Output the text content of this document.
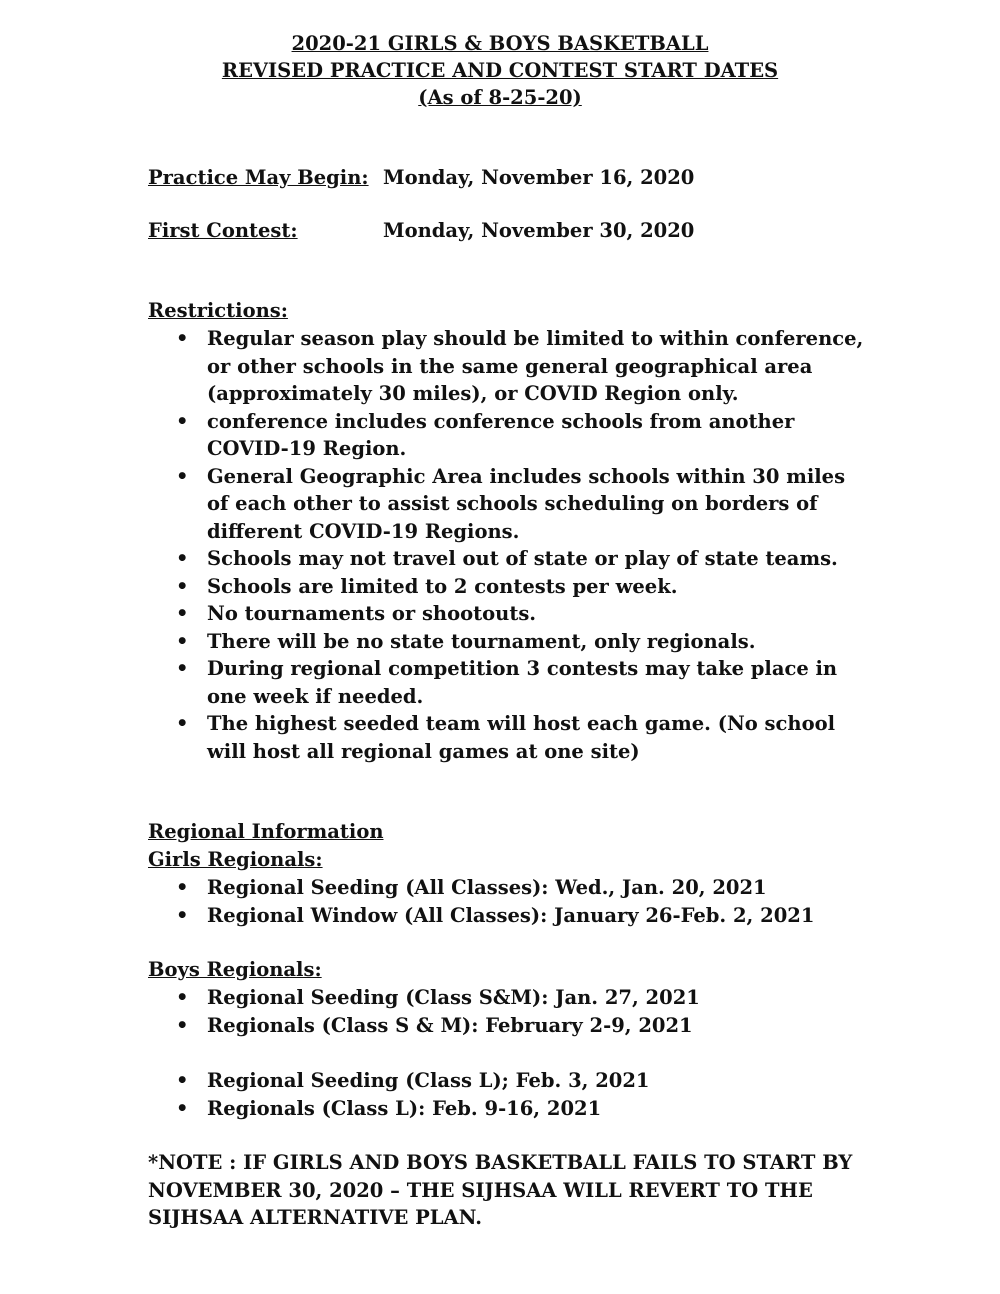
2020-21 GIRLS & BOYS BASKETBALL
REVISED PRACTICE AND CONTEST START DATES
(As of 8-25-20)
Practice May Begin: Monday, November 16, 2020
First Contest:	Monday, November 30, 2020
Restrictions:
• Regular season play should be limited to within conference, or other schools in the same general geographical area (approximately 30 miles), or COVID Region only.
• conference includes conference schools from another COVID-19 Region.
• General Geographic Area includes schools within 30 miles of each other to assist schools scheduling on borders of different COVID-19 Regions.
• Schools may not travel out of state or play of state teams.
• Schools are limited to 2 contests per week.
• No tournaments or shootouts.
• There will be no state tournament, only regionals.
• During regional competition 3 contests may take place in one week if needed.
• The highest seeded team will host each game. (No school will host all regional games at one site)
Regional Information
Girls Regionals:
• Regional Seeding (All Classes): Wed., Jan. 20, 2021
• Regional Window (All Classes): January 26-Feb. 2, 2021
Boys Regionals:
• Regional Seeding (Class S&M): Jan. 27, 2021
• Regionals (Class S & M): February 2-9, 2021
• Regional Seeding (Class L); Feb. 3, 2021
• Regionals (Class L): Feb. 9-16, 2021
*NOTE : IF GIRLS AND BOYS BASKETBALL FAILS TO START BY NOVEMBER 30, 2020 – THE SIJHSAA WILL REVERT TO THE SIJHSAA ALTERNATIVE PLAN.
